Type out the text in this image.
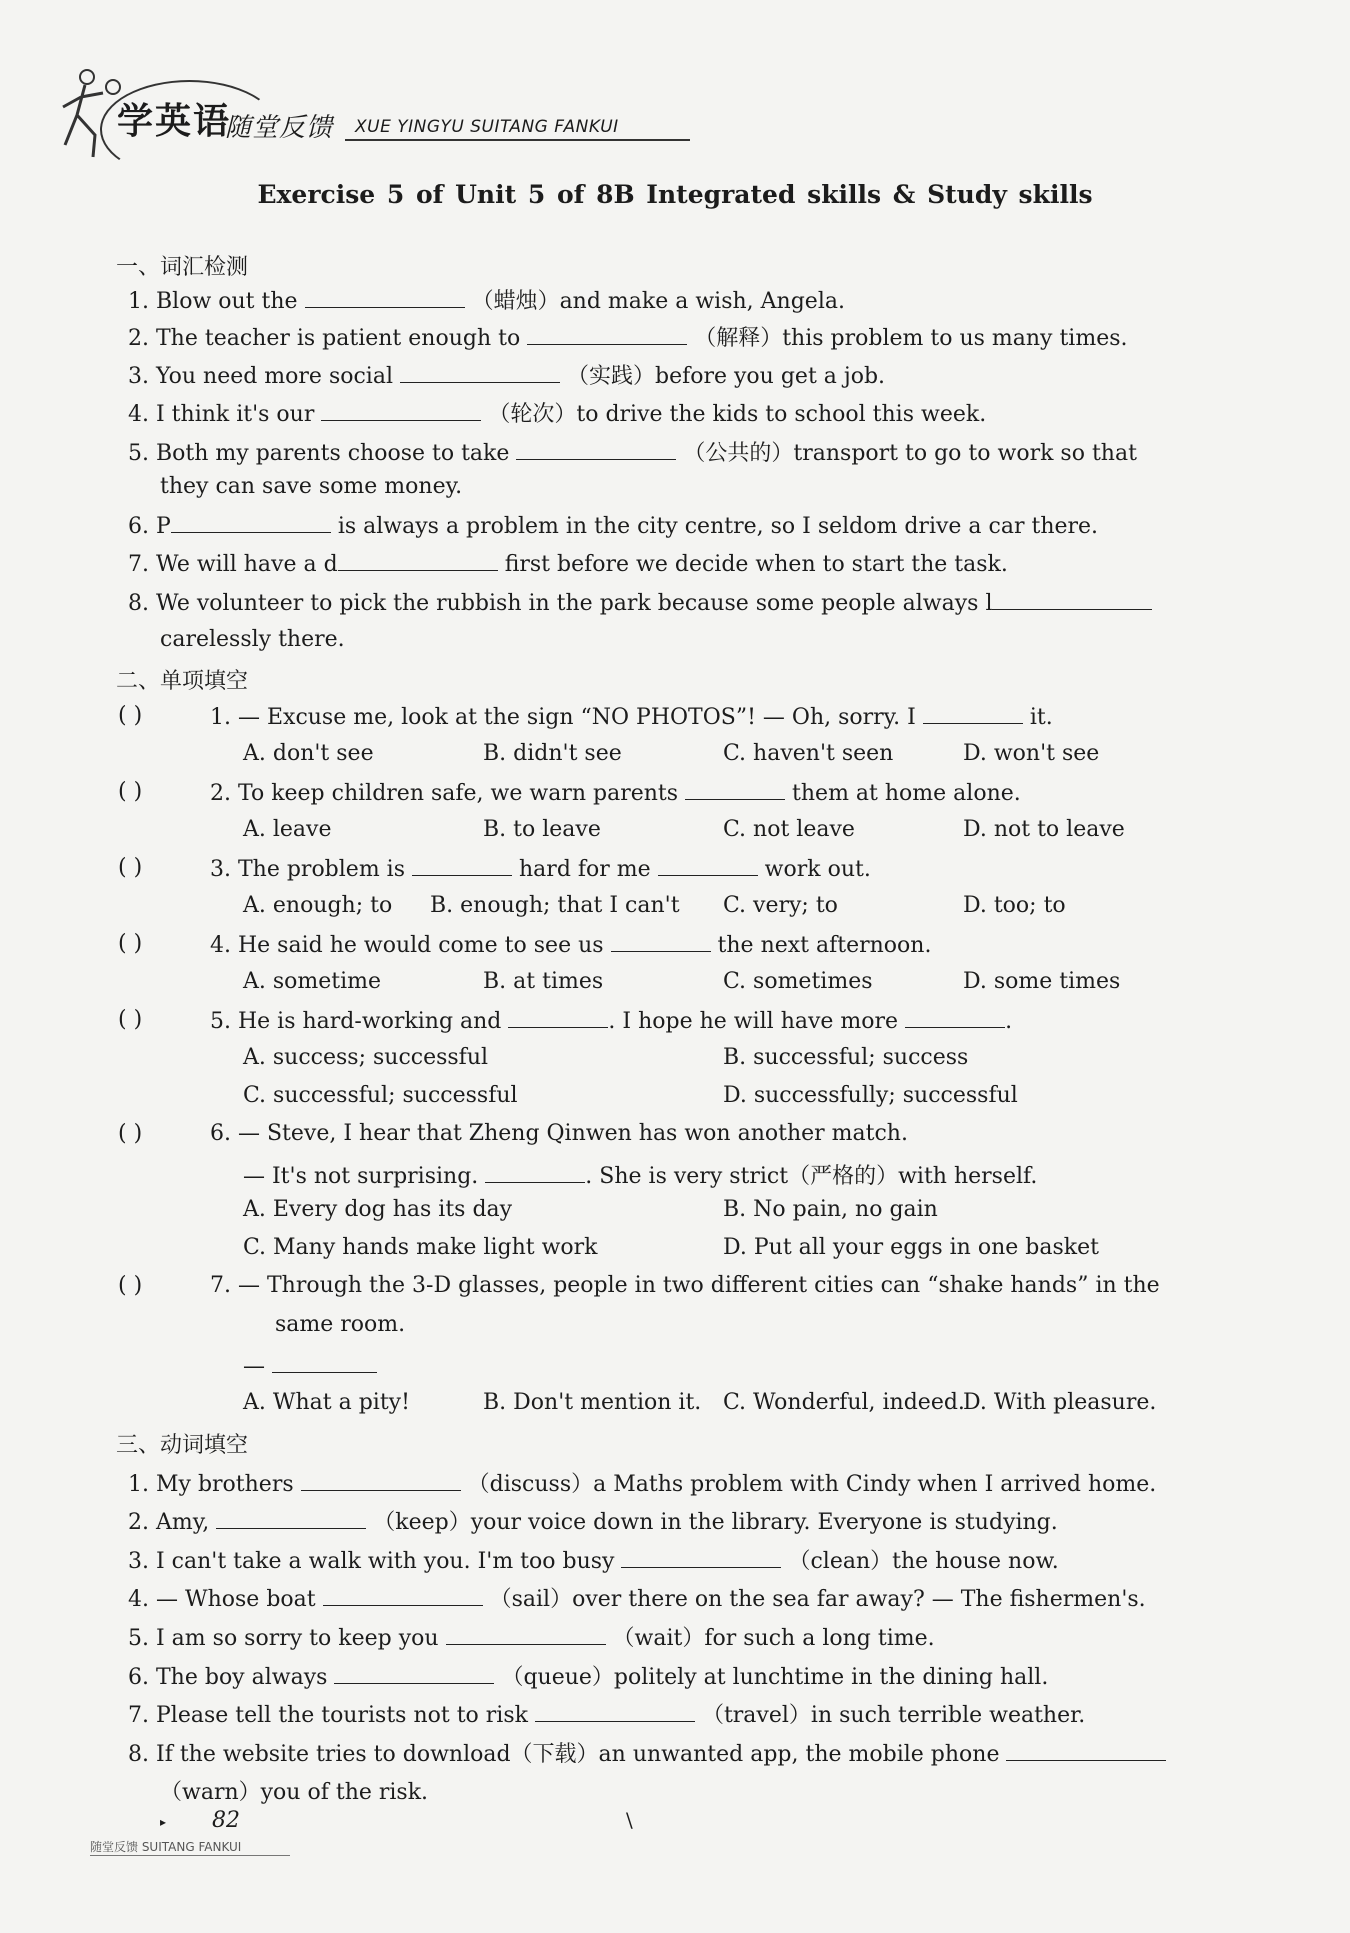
学英语
随堂反馈 XUE YINGYU SUITANG FANKUI
Exercise 5 of Unit 5 of 8B Integrated skills & Study skills
一、词汇检测
1. Blow out the	（蜡烛）and make a wish, Angela.
2. The teacher is patient enough to	（解释）this problem to us many times.
3. You need more social	（实践）before you get a job.
4. I think it's our	（轮次）to drive the kids to school this week.
5. Both my parents choose to take	（公共的）transport to go to work so that
they can save some money.
6. P	is always a problem in the city centre, so I seldom drive a car there.
7. We will have a d	first before we decide when to start the task.
8. We volunteer to pick the rubbish in the park because some people always l
carelessly there.
二、单项填空
( )	1. — Excuse me, look at the sign “NO PHOTOS”! — Oh, sorry. I	it.
A. don't see	B. didn't see	C. haven't seen	D. won't see
( )	2. To keep children safe, we warn parents	them at home alone.
A. leave	B. to leave	C. not leave	D. not to leave
( )	3. The problem is	hard for me	work out.
A. enough; to B. enough; that I can't C. very; to	D. too; to
( )	4. He said he would come to see us	the next afternoon.
A. sometime	B. at times	C. sometimes	D. some times
( )	5. He is hard-working and	. I hope he will have more	.
A. success; successful	B. successful; success
C. successful; successful	D. successfully; successful
( )	6. — Steve, I hear that Zheng Qinwen has won another match.
— It's not surprising.	. She is very strict（严格的）with herself.
A. Every dog has its day	B. No pain, no gain
C. Many hands make light work	D. Put all your eggs in one basket
( )	7. — Through the 3-D glasses, people in two different cities can “shake hands” in the
same room.
—
A. What a pity!	B. Don't mention it. C. Wonderful, indeed.
D. With pleasure.
三、动词填空
1. My brothers	（discuss）a Maths problem with Cindy when I arrived home.
2. Amy,	（keep）your voice down in the library. Everyone is studying.
3. I can't take a walk with you. I'm too busy	（clean）the house now.
4. — Whose boat	（sail）over there on the sea far away? — The fishermen's.
5. I am so sorry to keep you	（wait）for such a long time.
6. The boy always	（queue）politely at lunchtime in the dining hall.
7. Please tell the tourists not to risk	（travel）in such terrible weather.
8. If the website tries to download（下载）an unwanted app, the mobile phone
（warn）you of the risk.
▸ 82
随堂反馈 SUITANG FANKUI
\
